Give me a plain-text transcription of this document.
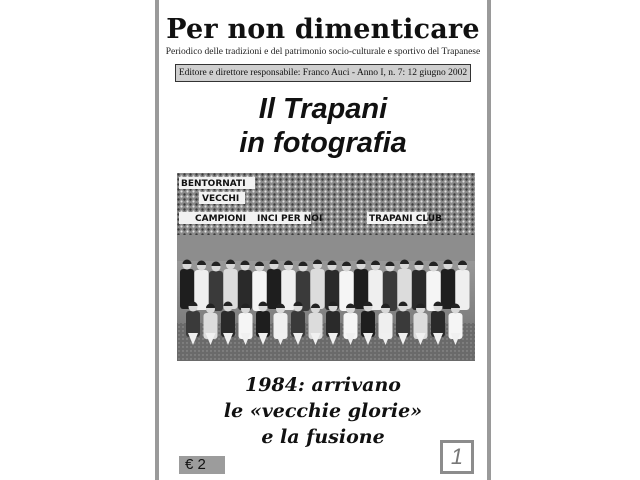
Per non dimenticare
Periodico delle tradizioni e del patrimonio socio-culturale e sportivo del Trapanese
Editore e direttore responsabile: Franco Auci - Anno I, n. 7: 12 giugno 2002
Il Trapani
in fotografia
BENTORNATI
VECCHI
CAMPIONI INCI PER NOI	TRAPANI CLUB
1984: arrivano
le «vecchie glorie»
e la fusione
€ 2	1
